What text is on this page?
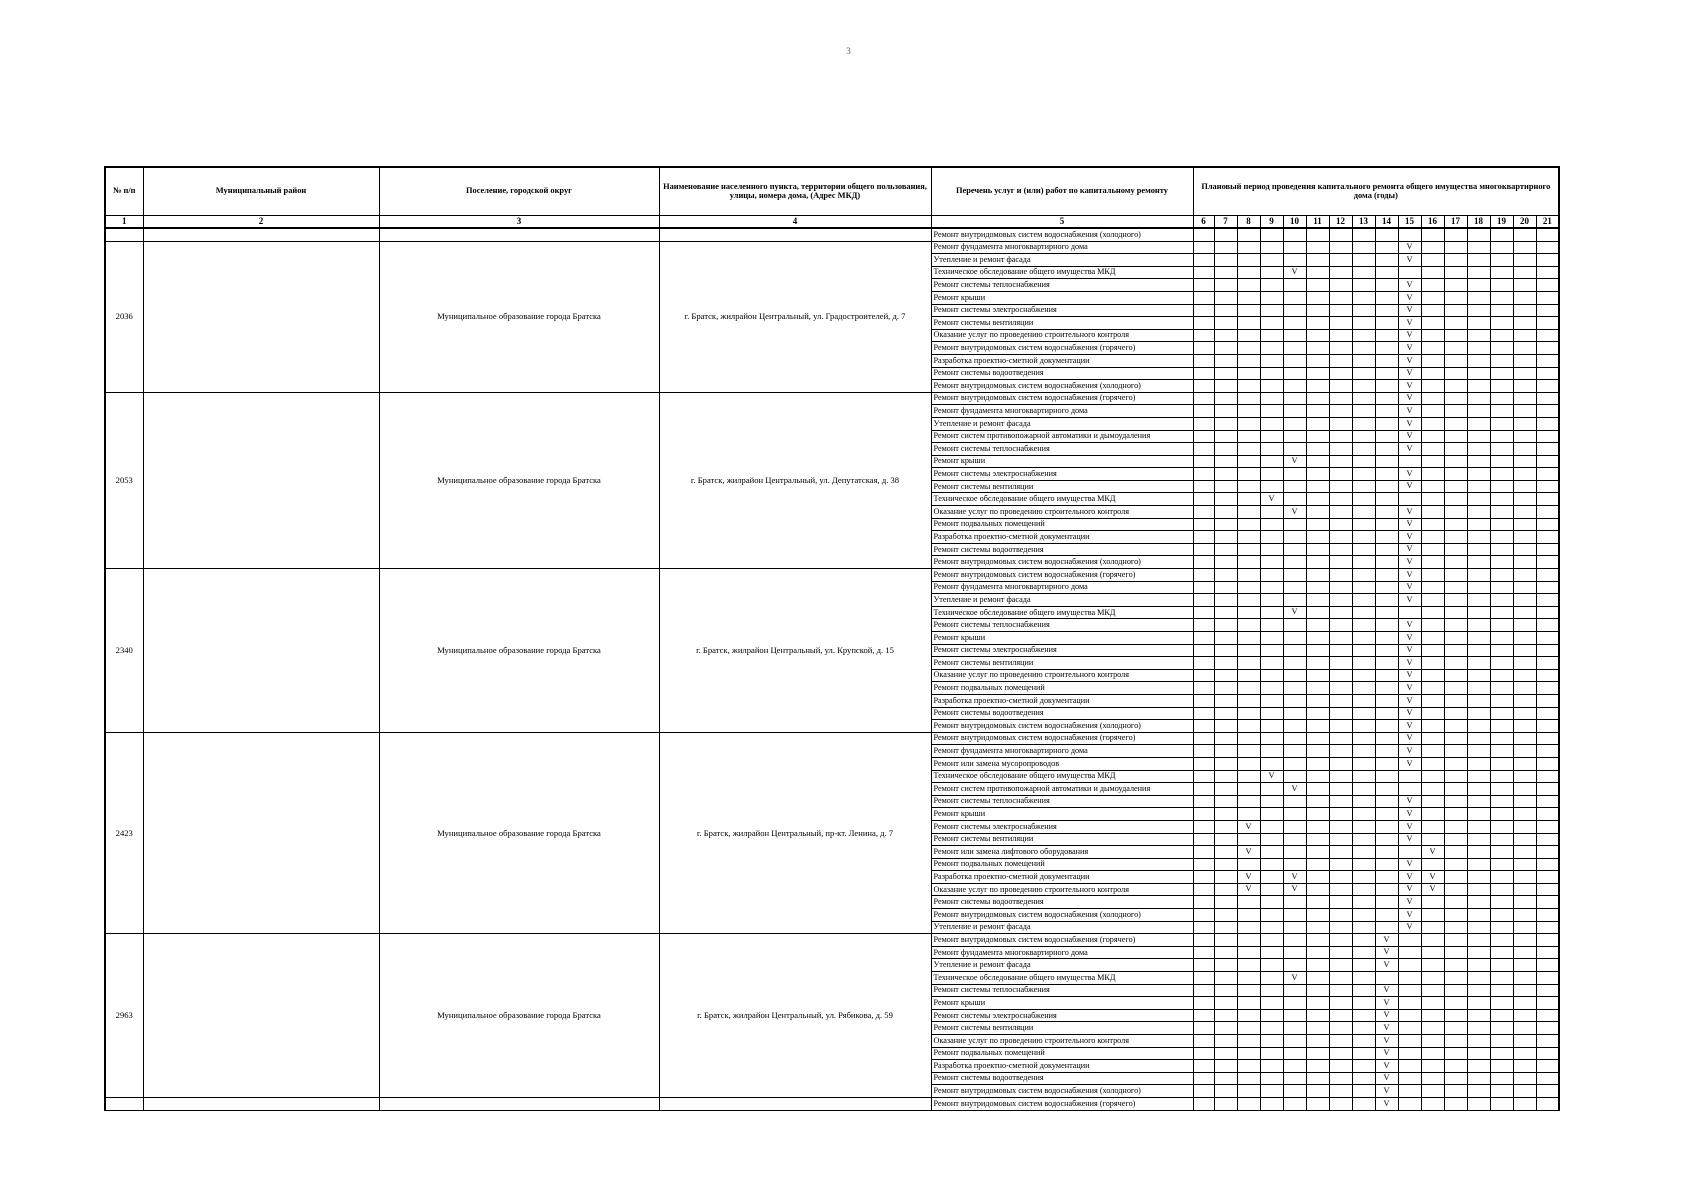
3
№ п/п	Муниципальный район	Поселение, городской округ	Наименование населенного пункта, территории общего пользования, улицы, номера дома, (Адрес МКД)	Перечень услуг и (или) работ по капитальному ремонту	Плановый период проведения капитального ремонта общего имущества многоквартирного дома (годы)															
1	2	3	4	5	6	7	8	9	10	11	12	13	14	15	16	17	18	19	20	21
				Ремонт внутридомовых систем водоснабжения (холодного)																
2036		Муниципальное образование города Братска	г. Братск, жилрайон Центральный, ул. Градостроителей, д. 7	Ремонт фундамента многоквартирного дома										V						
				Утепление и ремонт фасада										V						
				Техническое обследование общего имущества МКД					V											
				Ремонт системы теплоснабжения										V						
				Ремонт крыши										V						
				Ремонт системы электроснабжения										V						
				Ремонт системы вентиляции										V						
				Оказание услуг по проведению строительного контроля										V						
				Ремонт внутридомовых систем водоснабжения (горячего)										V						
				Разработка проектно-сметной документации										V						
				Ремонт системы водоотведения										V						
				Ремонт внутридомовых систем водоснабжения (холодного)										V						
2053		Муниципальное образование города Братска	г. Братск, жилрайон Центральный, ул. Депутатская, д. 38	Ремонт внутридомовых систем водоснабжения (горячего)										V						
				Ремонт фундамента многоквартирного дома										V						
				Утепление и ремонт фасада										V						
				Ремонт систем противопожарной автоматики и дымоудаления										V						
				Ремонт системы теплоснабжения										V						
				Ремонт крыши					V											
				Ремонт системы электроснабжения										V						
				Ремонт системы вентиляции										V						
				Техническое обследование общего имущества МКД				V												
				Оказание услуг по проведению строительного контроля					V					V						
				Ремонт подвальных помещений										V						
				Разработка проектно-сметной документации										V						
				Ремонт системы водоотведения										V						
				Ремонт внутридомовых систем водоснабжения (холодного)										V						
2340		Муниципальное образование города Братска	г. Братск, жилрайон Центральный, ул. Крупской, д. 15	Ремонт внутридомовых систем водоснабжения (горячего)										V						
				Ремонт фундамента многоквартирного дома										V						
				Утепление и ремонт фасада										V						
				Техническое обследование общего имущества МКД					V											
				Ремонт системы теплоснабжения										V						
				Ремонт крыши										V						
				Ремонт системы электроснабжения										V						
				Ремонт системы вентиляции										V						
				Оказание услуг по проведению строительного контроля										V						
				Ремонт подвальных помещений										V						
				Разработка проектно-сметной документации										V						
				Ремонт системы водоотведения										V						
				Ремонт внутридомовых систем водоснабжения (холодного)										V						
2423		Муниципальное образование города Братска	г. Братск, жилрайон Центральный, пр-кт. Ленина, д. 7	Ремонт внутридомовых систем водоснабжения (горячего)										V						
				Ремонт фундамента многоквартирного дома										V						
				Ремонт или замена мусоропроводов										V						
				Техническое обследование общего имущества МКД				V												
				Ремонт систем противопожарной автоматики и дымоудаления					V											
				Ремонт системы теплоснабжения										V						
				Ремонт крыши										V						
				Ремонт системы электроснабжения			V							V						
				Ремонт системы вентиляции										V						
				Ремонт или замена лифтового оборудования			V								V					
				Ремонт подвальных помещений										V						
				Разработка проектно-сметной документации			V		V					V	V					
				Оказание услуг по проведению строительного контроля			V		V					V	V					
				Ремонт системы водоотведения										V						
				Ремонт внутридомовых систем водоснабжения (холодного)										V						
				Утепление и ремонт фасада										V						
2963		Муниципальное образование города Братска	г. Братск, жилрайон Центральный, ул. Рябикова, д. 59	Ремонт внутридомовых систем водоснабжения (горячего)									V							
				Ремонт фундамента многоквартирного дома									V							
				Утепление и ремонт фасада									V							
				Техническое обследование общего имущества МКД					V											
				Ремонт системы теплоснабжения									V							
				Ремонт крыши									V							
				Ремонт системы электроснабжения									V							
				Ремонт системы вентиляции									V							
				Оказание услуг по проведению строительного контроля									V							
				Ремонт подвальных помещений									V							
				Разработка проектно-сметной документации									V							
				Ремонт системы водоотведения									V							
				Ремонт внутридомовых систем водоснабжения (холодного)									V							
				Ремонт внутридомовых систем водоснабжения (горячего)									V							
